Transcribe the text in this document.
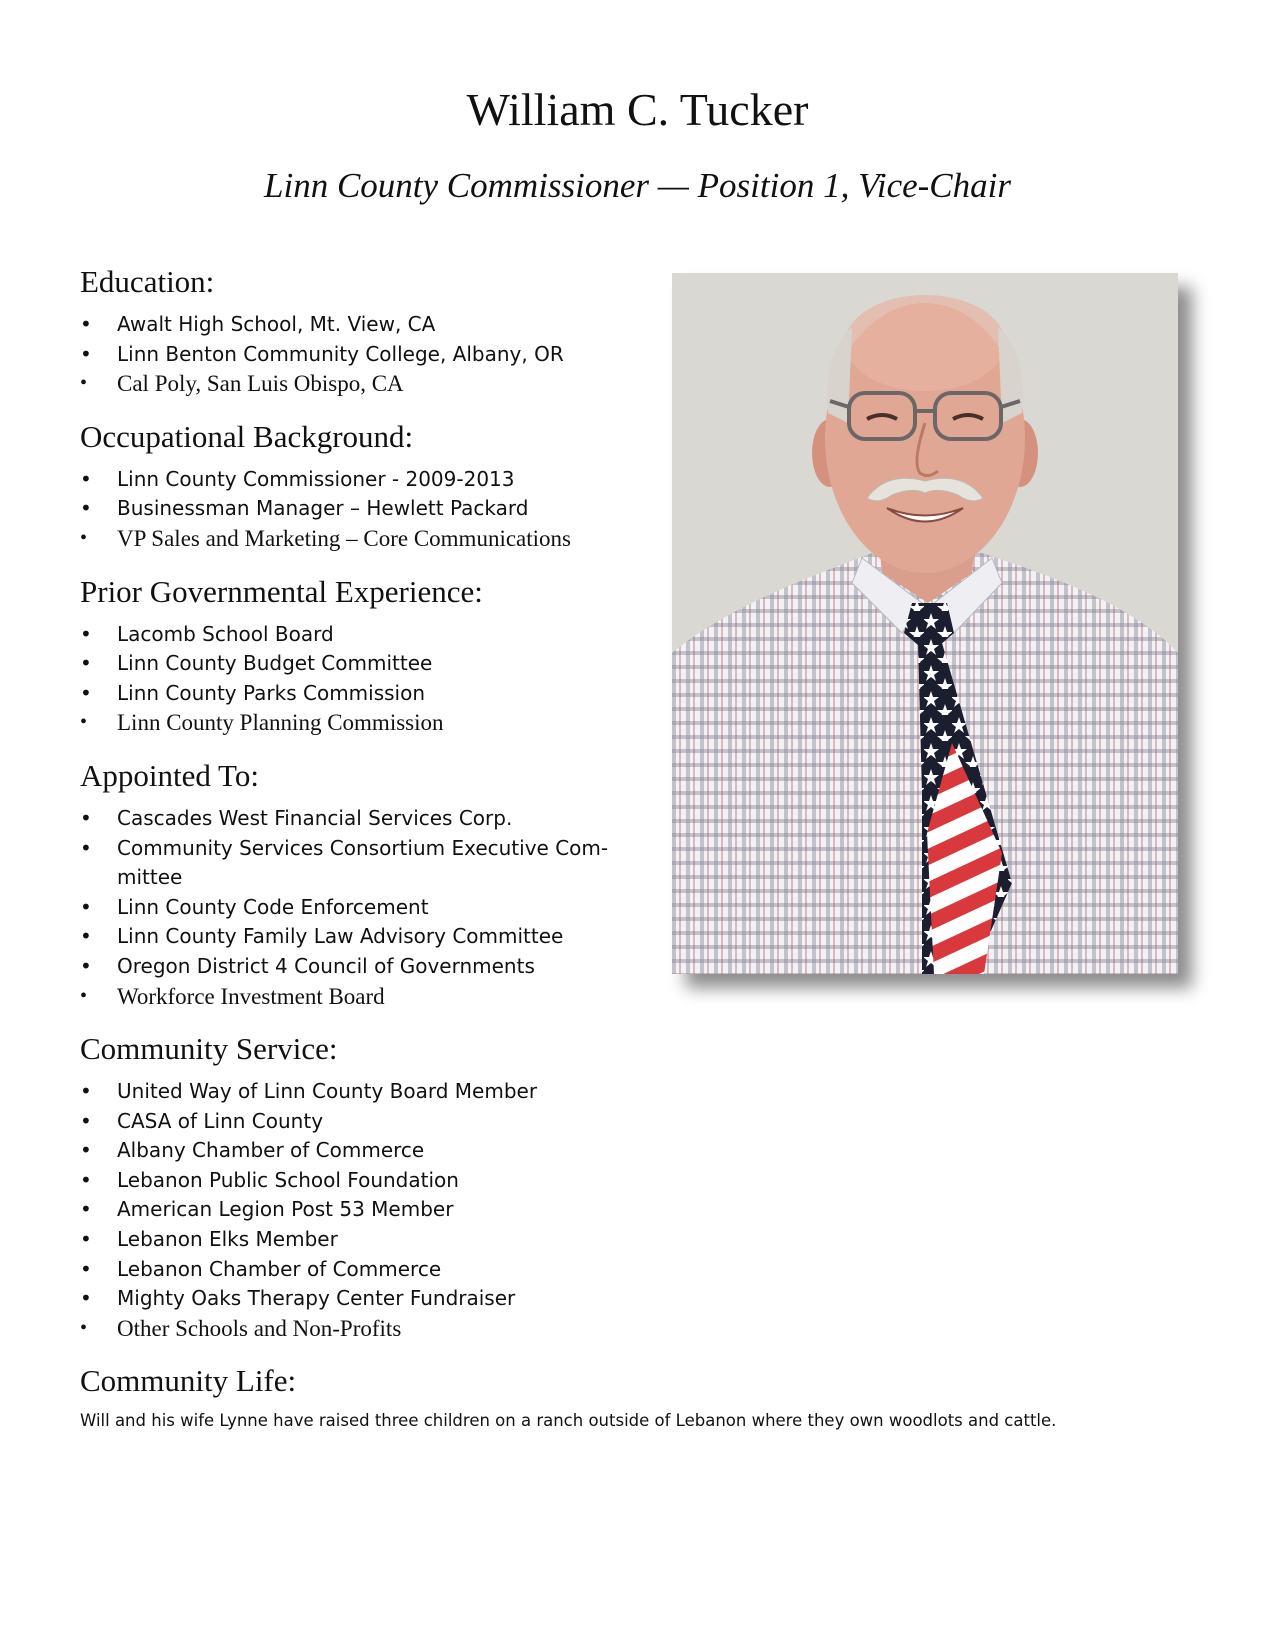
William C. Tucker
Linn County Commissioner — Position 1, Vice-Chair
Education:
• Awalt High School, Mt. View, CA
• Linn Benton Community College, Albany, OR
• Cal Poly, San Luis Obispo, CA
Occupational Background:
• Linn County Commissioner - 2009-2013
• Businessman Manager – Hewlett Packard
• VP Sales and Marketing – Core Communications
Prior Governmental Experience:
• Lacomb School Board
• Linn County Budget Committee
• Linn County Parks Commission
• Linn County Planning Commission
Appointed To:
• Cascades West Financial Services Corp.
• Community Services Consortium Executive Com-
mittee
• Linn County Code Enforcement
• Linn County Family Law Advisory Committee
• Oregon District 4 Council of Governments
• Workforce Investment Board
Community Service:
• United Way of Linn County Board Member
• CASA of Linn County
• Albany Chamber of Commerce
• Lebanon Public School Foundation
• American Legion Post 53 Member
• Lebanon Elks Member
• Lebanon Chamber of Commerce
• Mighty Oaks Therapy Center Fundraiser
• Other Schools and Non-Profits
Community Life:

Will and his wife Lynne have raised three children on a ranch outside of Lebanon where they own woodlots and cattle.
